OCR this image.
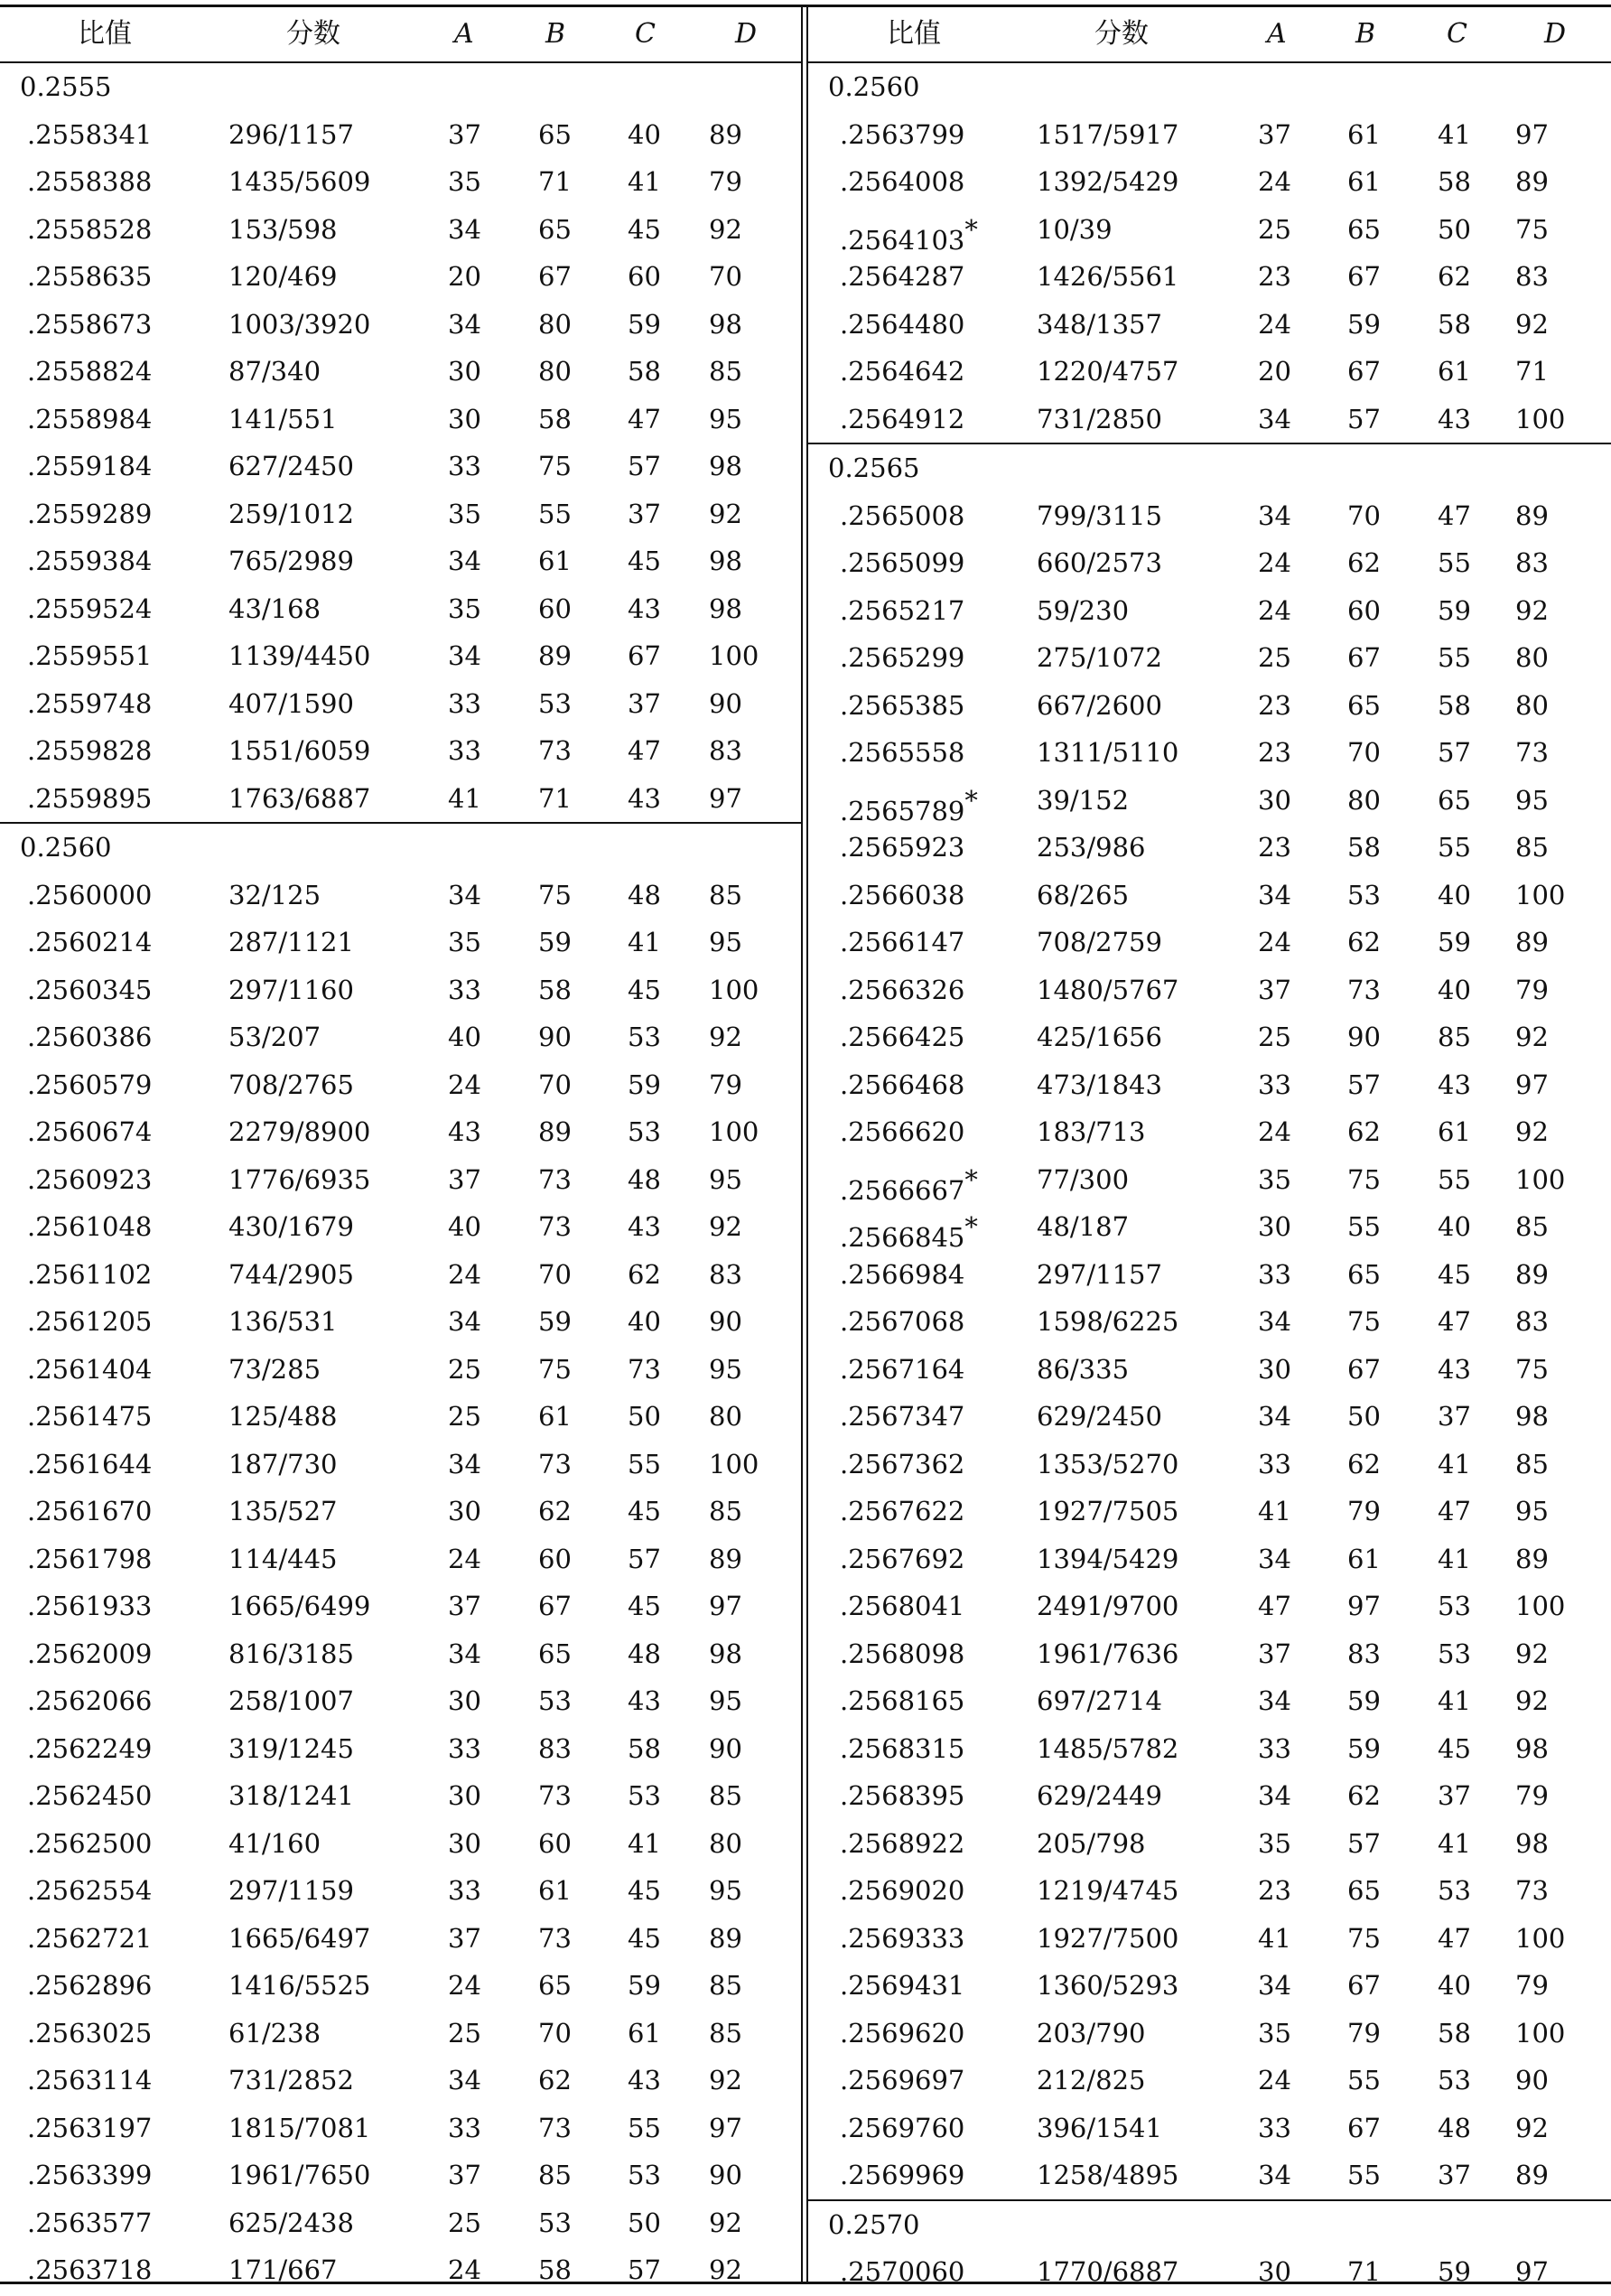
比值	分数	A	B	C	D
0.2555
.2558341	296/1157	37 65 40 89
.2558388	1435/5609	35 71 41 79
.2558528	153/598	34 65 45 92
.2558635	120/469	20 67 60 70
.2558673	1003/3920	34 80 59 98
.2558824	87/340	30 80 58 85
.2558984	141/551	30 58 47 95
.2559184	627/2450	33 75 57 98
.2559289	259/1012	35 55 37 92
.2559384	765/2989	34 61 45 98
.2559524	43/168	35 60 43 98
.2559551	1139/4450	34 89 67 100
.2559748	407/1590	33 53 37 90
.2559828	1551/6059	33 73 47 83
.2559895	1763/6887	41 71 43 97
0.2560
.2560000	32/125	34 75 48 85
.2560214	287/1121	35 59 41 95
.2560345	297/1160	33 58 45 100
.2560386	53/207	40 90 53 92
.2560579	708/2765	24 70 59 79
.2560674	2279/8900	43 89 53 100
.2560923	1776/6935	37 73 48 95
.2561048	430/1679	40 73 43 92
.2561102	744/2905	24 70 62 83
.2561205	136/531	34 59 40 90
.2561404	73/285	25 75 73 95
.2561475	125/488	25 61 50 80
.2561644	187/730	34 73 55 100
.2561670	135/527	30 62 45 85
.2561798	114/445	24 60 57 89
.2561933	1665/6499	37 67 45 97
.2562009	816/3185	34 65 48 98
.2562066	258/1007	30 53 43 95
.2562249	319/1245	33 83 58 90
.2562450	318/1241	30 73 53 85
.2562500	41/160	30 60 41 80
.2562554	297/1159	33 61 45 95
.2562721	1665/6497	37 73 45 89
.2562896	1416/5525	24 65 59 85
.2563025	61/238	25 70 61 85
.2563114	731/2852	34 62 43 92
.2563197	1815/7081	33 73 55 97
.2563399	1961/7650	37 85 53 90
.2563577	625/2438	25 53 50 92
.2563718	171/667	24 58 57 92
比值	分数	A	B	C	D
0.2560
.2563799	1517/5917	37 61 41 97
.2564008	1392/5429	24 61 58 89
.2564103* 10/39	25 65 50 75
.2564287	1426/5561	23 67 62 83
.2564480	348/1357	24 59 58 92
.2564642	1220/4757	20 67 61 71
.2564912	731/2850	34 57 43 100
0.2565
.2565008	799/3115	34 70 47 89
.2565099	660/2573	24 62 55 83
.2565217	59/230	24 60 59 92
.2565299	275/1072	25 67 55 80
.2565385	667/2600	23 65 58 80
.2565558	1311/5110	23 70 57 73
.2565789* 39/152	30 80 65 95
.2565923	253/986	23 58 55 85
.2566038	68/265	34 53 40 100
.2566147	708/2759	24 62 59 89
.2566326	1480/5767	37 73 40 79
.2566425	425/1656	25 90 85 92
.2566468	473/1843	33 57 43 97
.2566620	183/713	24 62 61 92
.2566667* 77/300	35 75 55 100
.2566845* 48/187	30 55 40 85
.2566984	297/1157	33 65 45 89
.2567068	1598/6225	34 75 47 83
.2567164	86/335	30 67 43 75
.2567347	629/2450	34 50 37 98
.2567362	1353/5270	33 62 41 85
.2567622	1927/7505	41 79 47 95
.2567692	1394/5429	34 61 41 89
.2568041	2491/9700	47 97 53 100
.2568098	1961/7636	37 83 53 92
.2568165	697/2714	34 59 41 92
.2568315	1485/5782	33 59 45 98
.2568395	629/2449	34 62 37 79
.2568922	205/798	35 57 41 98
.2569020	1219/4745	23 65 53 73
.2569333	1927/7500	41 75 47 100
.2569431	1360/5293	34 67 40 79
.2569620	203/790	35 79 58 100
.2569697	212/825	24 55 53 90
.2569760	396/1541	33 67 48 92
.2569969	1258/4895	34 55 37 89
0.2570
.2570060	1770/6887	30 71 59 97
